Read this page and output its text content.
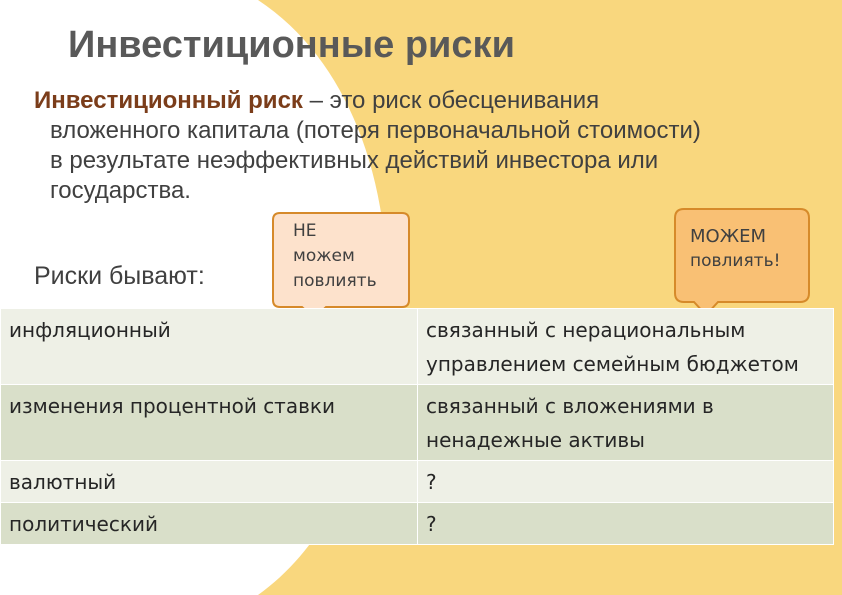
Инвестиционные риски
Инвестиционный риск – это риск обесценивания
вложенного капитала (потеря первоначальной стоимости)
в результате неэффективных действий инвестора или
государства.
Риски бывают:
НЕ
можем
повлиять
МОЖЕМ
повлиять!
инфляционный	связанный с нерациональным управлением семейным бюджетом
изменения процентной ставки	связанный с вложениями в ненадежные активы
валютный	?
политический	?
